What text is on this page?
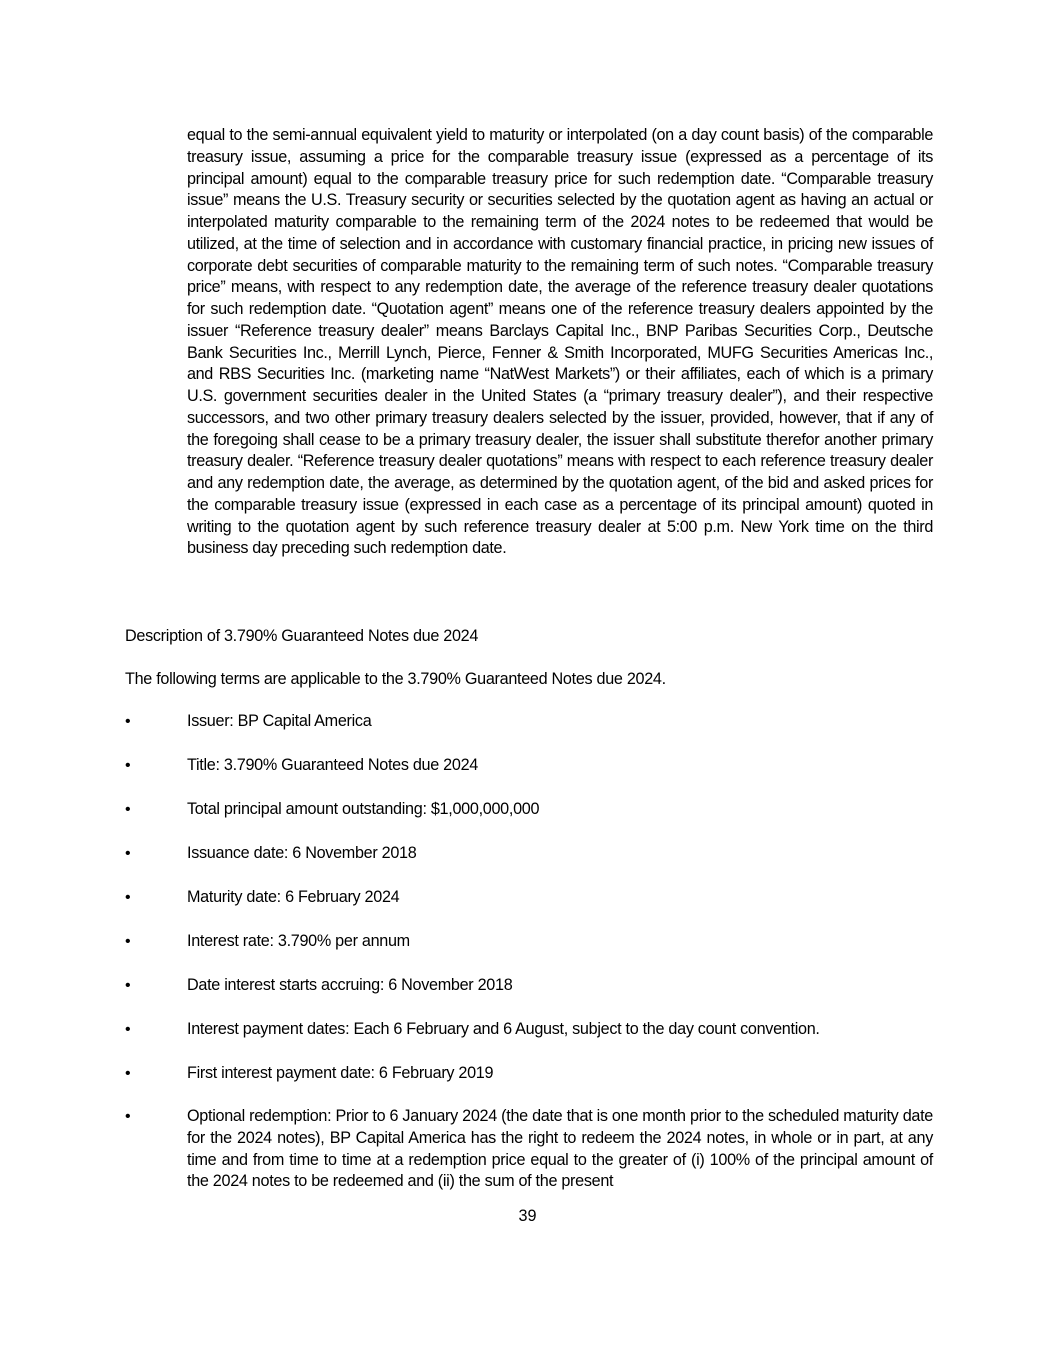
equal to the semi-annual equivalent yield to maturity or interpolated (on a day count basis) of the comparable treasury issue, assuming a price for the comparable treasury issue (expressed as a percentage of its principal amount) equal to the comparable treasury price for such redemption date. “Comparable treasury issue” means the U.S. Treasury security or securities selected by the quotation agent as having an actual or interpolated maturity comparable to the remaining term of the 2024 notes to be redeemed that would be utilized, at the time of selection and in accordance with customary financial practice, in pricing new issues of corporate debt securities of comparable maturity to the remaining term of such notes. “Comparable treasury price” means, with respect to any redemption date, the average of the reference treasury dealer quotations for such redemption date. “Quotation agent” means one of the reference treasury dealers appointed by the issuer “Reference treasury dealer” means Barclays Capital Inc., BNP Paribas Securities Corp., Deutsche Bank Securities Inc., Merrill Lynch, Pierce, Fenner & Smith Incorporated, MUFG Securities Americas Inc., and RBS Securities Inc. (marketing name “NatWest Markets”) or their affiliates, each of which is a primary U.S. government securities dealer in the United States (a “primary treasury dealer”), and their respective successors, and two other primary treasury dealers selected by the issuer, provided, however, that if any of the foregoing shall cease to be a primary treasury dealer, the issuer shall substitute therefor another primary treasury dealer. “Reference treasury dealer quotations” means with respect to each reference treasury dealer and any redemption date, the average, as determined by the quotation agent, of the bid and asked prices for the comparable treasury issue (expressed in each case as a percentage of its principal amount) quoted in writing to the quotation agent by such reference treasury dealer at 5:00 p.m. New York time on the third business day preceding such redemption date.

Description of 3.790% Guaranteed Notes due 2024

The following terms are applicable to the 3.790% Guaranteed Notes due 2024.

•	Issuer: BP Capital America
•	Title: 3.790% Guaranteed Notes due 2024
•	Total principal amount outstanding: $1,000,000,000
•	Issuance date: 6 November 2018
•	Maturity date: 6 February 2024
•	Interest rate: 3.790% per annum
•	Date interest starts accruing: 6 November 2018
•	Interest payment dates: Each 6 February and 6 August, subject to the day count convention.
•	First interest payment date: 6 February 2019
•	Optional redemption: Prior to 6 January 2024 (the date that is one month prior to the scheduled maturity date for the 2024 notes), BP Capital America has the right to redeem the 2024 notes, in whole or in part, at any time and from time to time at a redemption price equal to the greater of (i) 100% of the principal amount of the 2024 notes to be redeemed and (ii) the sum of the present

39
